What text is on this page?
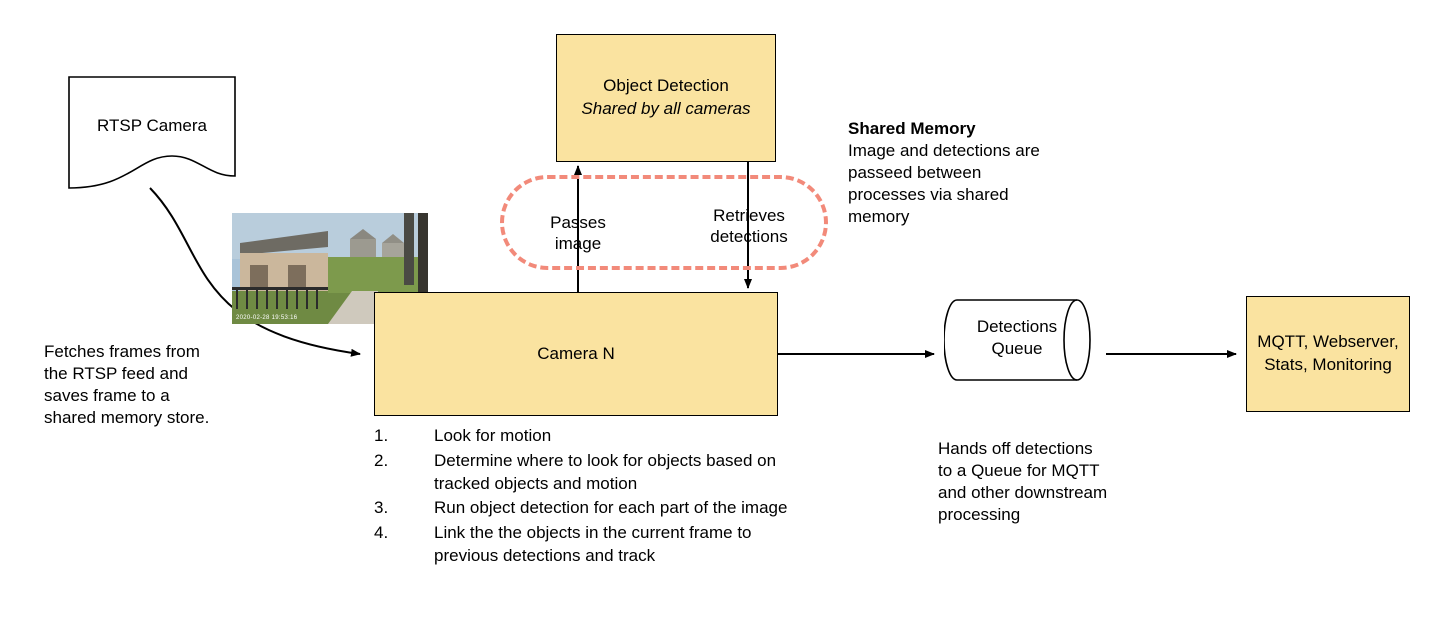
RTSP Camera
Object Detection
Shared by all cameras
Passes
image
Retrieves
detections
Shared Memory
Image and detections are passeed between processes via shared memory
2020-02-28 19:53:16
Camera N
Fetches frames from the RTSP feed and saves frame to a shared memory store.
1.	Look for motion
2.	Determine where to look for objects based on tracked objects and motion
3.	Run object detection for each part of the image
4.	Link the the objects in the current frame to previous detections and track
Detections
Queue
Hands off detections to a Queue for MQTT and other downstream processing
MQTT, Webserver,
Stats, Monitoring
